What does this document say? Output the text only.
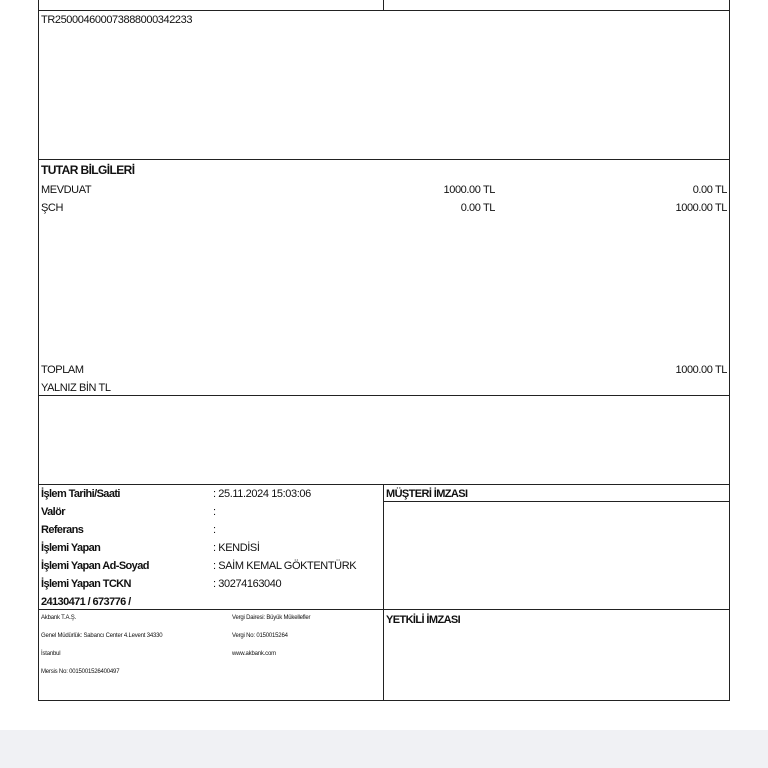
TR250004600073888000342233
TUTAR BİLGİLERİ
MEVDUAT	1000.00 TL	0.00 TL
ŞCH	0.00 TL	1000.00 TL
TOPLAM	1000.00 TL
YALNIZ BİN TL
İşlem Tarihi/Saati	: 25.11.2024 15:03:06
Valör	:
Referans	:
İşlemi Yapan	: KENDİSİ
İşlemi Yapan Ad-Soyad	: SAİM KEMAL GÖKTENTÜRK
İşlemi Yapan TCKN	: 30274163040
24130471 / 673776 /
MÜŞTERİ İMZASI
YETKİLİ İMZASI
Akbank T.A.Ş.
Genel Müdürlük: Sabancı Center 4.Levent 34330
İstanbul
Mersis No: 0015001526400497
Vergi Dairesi: Büyük Mükellefler
Vergi No: 0150015264
www.akbank.com
